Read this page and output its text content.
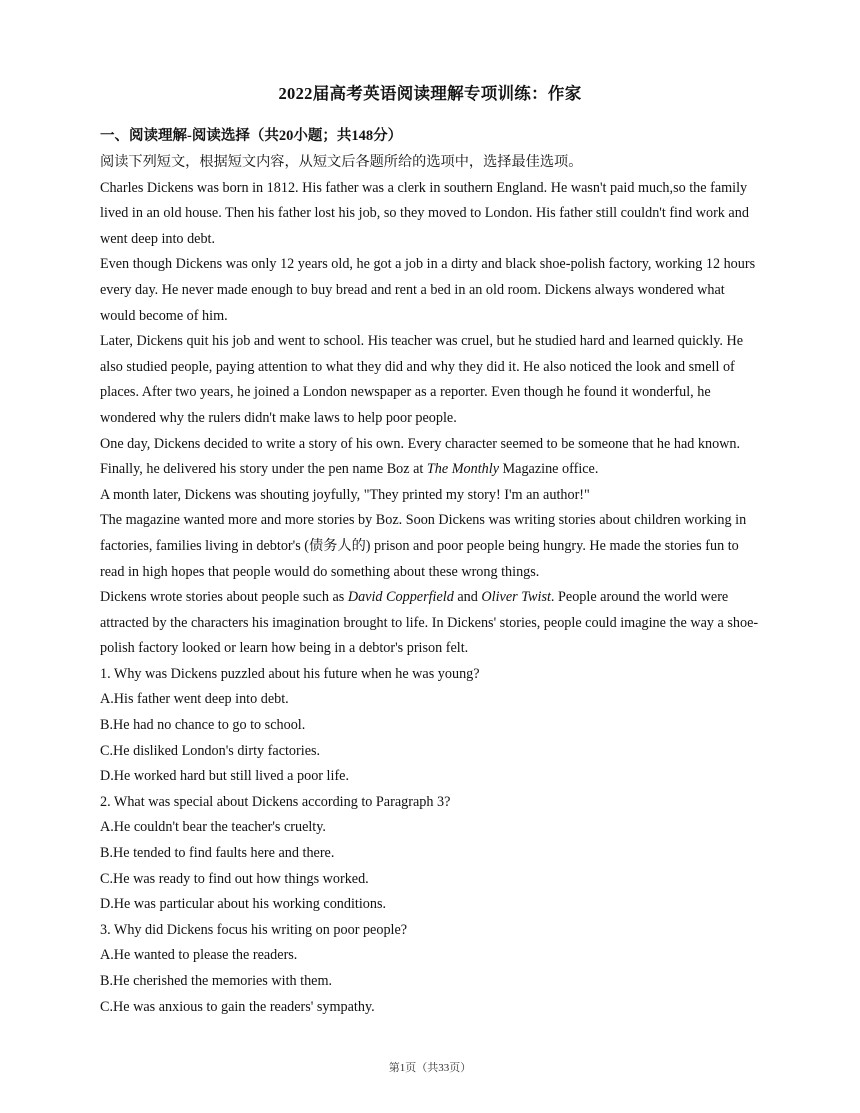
2022届高考英语阅读理解专项训练：作家
一、阅读理解-阅读选择（共20小题；共148分）

阅读下列短文，根据短文内容，从短文后各题所给的选项中，选择最佳选项。

Charles Dickens was born in 1812. His father was a clerk in southern England. He wasn't paid much,so the family lived in an old house. Then his father lost his job, so they moved to London. His father still couldn't find work and went deep into debt.

Even though Dickens was only 12 years old, he got a job in a dirty and black shoe-polish factory, working 12 hours every day. He never made enough to buy bread and rent a bed in an old room. Dickens always wondered what would become of him.

Later, Dickens quit his job and went to school. His teacher was cruel, but he studied hard and learned quickly. He also studied people, paying attention to what they did and why they did it. He also noticed the look and smell of places. After two years, he joined a London newspaper as a reporter. Even though he found it wonderful, he wondered why the rulers didn't make laws to help poor people.

One day, Dickens decided to write a story of his own. Every character seemed to be someone that he had known. Finally, he delivered his story under the pen name Boz at The Monthly Magazine office.

A month later, Dickens was shouting joyfully, "They printed my story! I'm an author!"

The magazine wanted more and more stories by Boz. Soon Dickens was writing stories about children working in factories, families living in debtor's (债务人的) prison and poor people being hungry. He made the stories fun to read in high hopes that people would do something about these wrong things.

Dickens wrote stories about people such as David Copperfield and Oliver Twist. People around the world were attracted by the characters his imagination brought to life. In Dickens' stories, people could imagine the way a shoe-polish factory looked or learn how being in a debtor's prison felt.

1. Why was Dickens puzzled about his future when he was young?

A.His father went deep into debt.

B.He had no chance to go to school.

C.He disliked London's dirty factories.

D.He worked hard but still lived a poor life.

2. What was special about Dickens according to Paragraph 3?

A.He couldn't bear the teacher's cruelty.

B.He tended to find faults here and there.

C.He was ready to find out how things worked.

D.He was particular about his working conditions.

3. Why did Dickens focus his writing on poor people?

A.He wanted to please the readers.

B.He cherished the memories with them.

C.He was anxious to gain the readers' sympathy.

第1页（共33页）
